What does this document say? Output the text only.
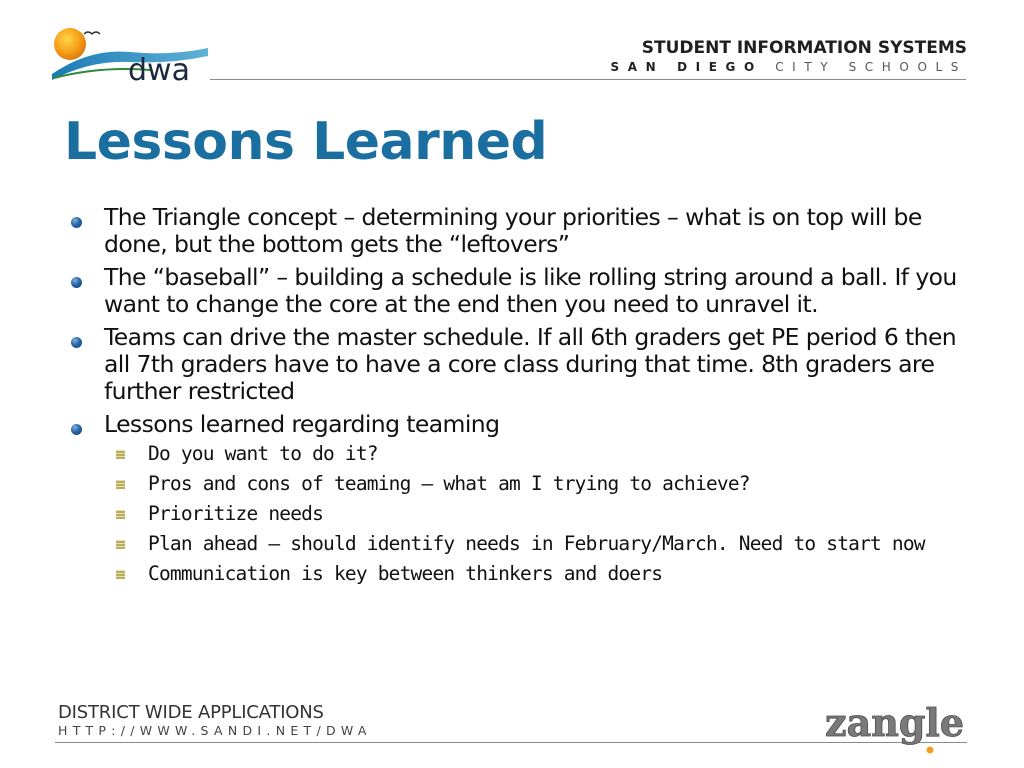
dwa
STUDENT INFORMATION SYSTEMS
SAN DIEGO CITY SCHOOLS
Lessons Learned
The Triangle concept – determining your priorities – what is on top will be done, but the bottom gets the “leftovers”
The “baseball” – building a schedule is like rolling string around a ball. If you want to change the core at the end then you need to unravel it.
Teams can drive the master schedule. If all 6th graders get PE period 6 then all 7th graders have to have a core class during that time. 8th graders are further restricted
Lessons learned regarding teaming
Do you want to do it?
Pros and cons of teaming – what am I trying to achieve?
Prioritize needs
Plan ahead – should identify needs in February/March. Need to start now
Communication is key between thinkers and doers
DISTRICT WIDE APPLICATIONS
HTTP://WWW.SANDI.NET/DWA	zangle
